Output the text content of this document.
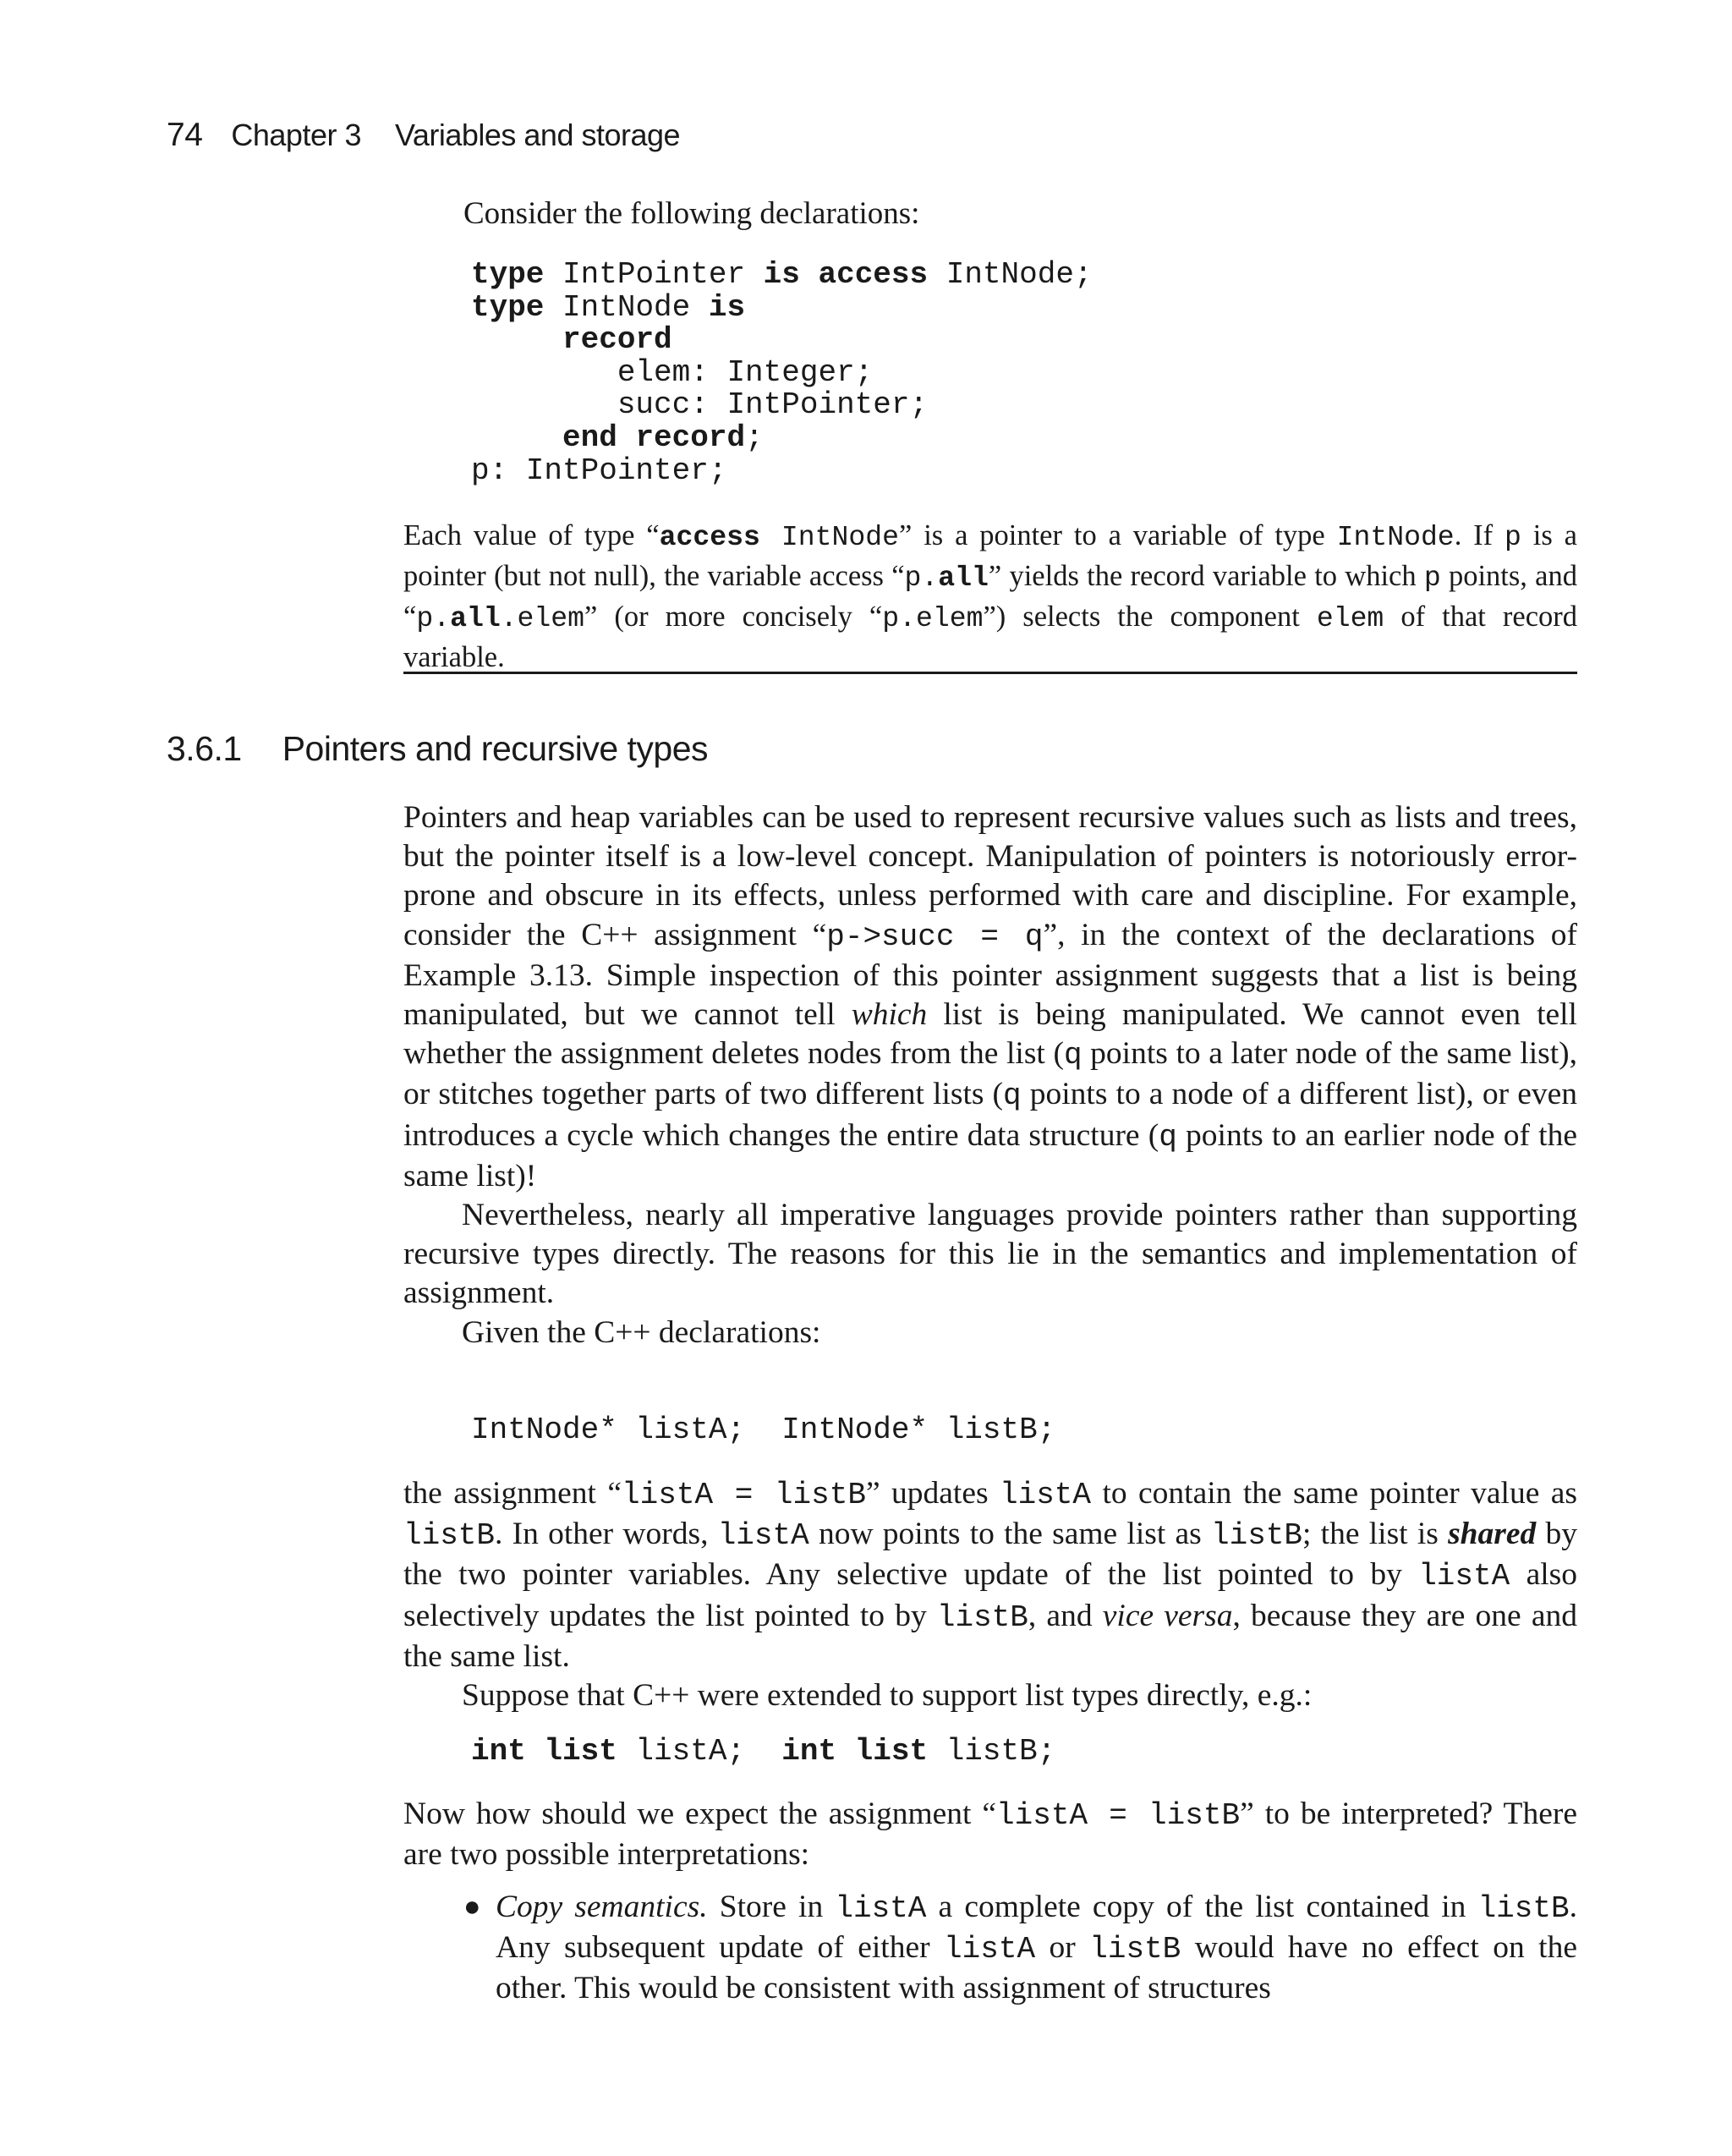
74 Chapter 3 Variables and storage
Consider the following declarations:
type IntPointer is access IntNode;
type IntNode is
record
elem: Integer;
succ: IntPointer;
end record;
p: IntPointer;
Each value of type “access IntNode” is a pointer to a variable of type IntNode. If p is a pointer (but not null), the variable access “p.all” yields the record variable to which p points, and “p.all.elem” (or more concisely “p.elem”) selects the component elem of that record variable.
3.6.1 Pointers and recursive types

Pointers and heap variables can be used to represent recursive values such as lists and trees, but the pointer itself is a low-level concept. Manipulation of pointers is notoriously error-prone and obscure in its effects, unless performed with care and discipline. For example, consider the C++ assignment “p->succ = q”, in the context of the declarations of Example 3.13. Simple inspection of this pointer assignment suggests that a list is being manipulated, but we cannot tell which list is being manipulated. We cannot even tell whether the assignment deletes nodes from the list (q points to a later node of the same list), or stitches together parts of two different lists (q points to a node of a different list), or even introduces a cycle which changes the entire data structure (q points to an earlier node of the same list)!

Nevertheless, nearly all imperative languages provide pointers rather than supporting recursive types directly. The reasons for this lie in the semantics and implementation of assignment.

Given the C++ declarations:

IntNode* listA;  IntNode* listB;

the assignment “listA = listB” updates listA to contain the same pointer value as listB. In other words, listA now points to the same list as listB; the list is shared by the two pointer variables. Any selective update of the list pointed to by listA also selectively updates the list pointed to by listB, and vice versa, because they are one and the same list.

Suppose that C++ were extended to support list types directly, e.g.:

int list listA;  int list listB;
Now how should we expect the assignment “listA = listB” to be interpreted? There are two possible interpretations:
● Copy semantics. Store in listA a complete copy of the list contained in listB. Any subsequent update of either listA or listB would have no effect on the other. This would be consistent with assignment of structures
